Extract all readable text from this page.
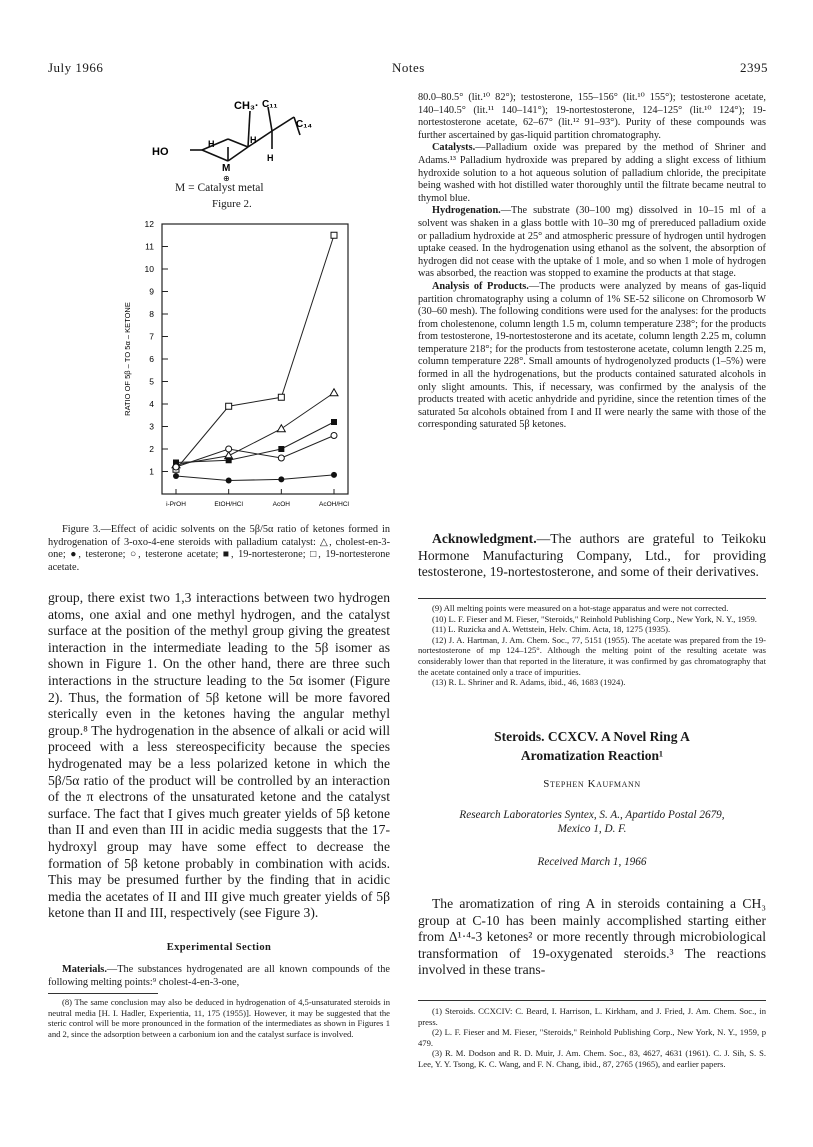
July 1966	Notes	2395
HO
CH₃· C₁₁
C₁₄
H	H
H
M
⊕
M = Catalyst metal
Figure 2.
1
2
3
4
5
6
7
8
9
10
11
12
RATIO OF 5β – TO 5α – KETONE
i-PrOH	EtOH/HCl	AcOH	AcOH/HCl

Figure 3.—Effect of acidic solvents on the 5β/5α ratio of ketones formed in hydrogenation of 3-oxo-4-ene steroids with palladium catalyst: △, cholest-en-3-one; ●, testerone; ○, testerone acetate; ■, 19-nortesterone; □, 19-nortesterone acetate.

group, there exist two 1,3 interactions between two hydrogen atoms, one axial and one methyl hydrogen, and the catalyst surface at the position of the methyl group giving the greatest interaction in the intermediate leading to the 5β isomer as shown in Figure 1. On the other hand, there are three such interactions in the structure leading to the 5α isomer (Figure 2). Thus, the formation of 5β ketone will be more favored sterically even in the ketones having the angular methyl group.⁸ The hydrogenation in the absence of alkali or acid will proceed with a less stereospecificity because the species hydrogenated may be a less polarized ketone in which the 5β/5α ratio of the product will be controlled by an interaction of the π electrons of the unsaturated ketone and the catalyst surface. The fact that I gives much greater yields of 5β ketone than II and even than III in acidic media suggests that the 17-hydroxyl group may have some effect to decrease the formation of 5β ketone probably in combination with acids. This may be presumed further by the finding that in acidic media the acetates of II and III give much greater yields of 5β ketone than II and III, respectively (see Figure 3).

Experimental Section

Materials.—The substances hydrogenated are all known compounds of the following melting points:⁹ cholest-4-en-3-one,

(8) The same conclusion may also be deduced in hydrogenation of 4,5-unsaturated steroids in neutral media [H. I. Hadler, Experientia, 11, 175 (1955)]. However, it may be suggested that the steric control will be more pronounced in the formation of the intermediates as shown in Figures 1 and 2, since the adsorption between a carbonium ion and the catalyst surface is involved.

80.0–80.5° (lit.¹⁰ 82°); testosterone, 155–156° (lit.¹⁰ 155°); testosterone acetate, 140–140.5° (lit.¹¹ 140–141°); 19-nortestosterone, 124–125° (lit.¹⁰ 124°); 19-nortestosterone acetate, 62–67° (lit.¹² 91–93°). Purity of these compounds was further ascertained by gas-liquid partition chromatography.

Catalysts.—Palladium oxide was prepared by the method of Shriner and Adams.¹³ Palladium hydroxide was prepared by adding a slight excess of lithium hydroxide solution to a hot aqueous solution of palladium chloride, the precipitate being washed with hot distilled water thoroughly until the filtrate became neutral to thymol blue.

Hydrogenation.—The substrate (30–100 mg) dissolved in 10–15 ml of a solvent was shaken in a glass bottle with 10–30 mg of prereduced palladium oxide or palladium hydroxide at 25° and atmospheric pressure of hydrogen until hydrogen uptake ceased. In the hydrogenation using ethanol as the solvent, the absorption of hydrogen did not cease with the uptake of 1 mole, and so when 1 mole of hydrogen was absorbed, the reaction was stopped to examine the products at that stage.

Analysis of Products.—The products were analyzed by means of gas-liquid partition chromatography using a column of 1% SE-52 silicone on Chromosorb W (30–60 mesh). The following conditions were used for the analyses: for the products from cholestenone, column length 1.5 m, column temperature 238°; for the products from testosterone, 19-nortestosterone and its acetate, column length 2.25 m, column temperature 218°; for the products from testosterone acetate, column length 2.25 m, column temperature 228°. Small amounts of hydrogenolyzed products (1–5%) were formed in all the hydrogenations, but the products contained saturated alcohols in only slight amounts. This, if necessary, was confirmed by the analysis of the products treated with acetic anhydride and pyridine, since the retention times of the saturated 5α alcohols obtained from I and II were nearly the same with those of the corresponding saturated 5β ketones.

Acknowledgment.—The authors are grateful to Teikoku Hormone Manufacturing Company, Ltd., for providing testosterone, 19-nortestosterone, and some of their derivatives.

(9) All melting points were measured on a hot-stage apparatus and were not corrected.

(10) L. F. Fieser and M. Fieser, "Steroids," Reinhold Publishing Corp., New York, N. Y., 1959.

(11) L. Ruzicka and A. Wettstein, Helv. Chim. Acta, 18, 1275 (1935).

(12) J. A. Hartman, J. Am. Chem. Soc., 77, 5151 (1955). The acetate was prepared from the 19-nortestosterone of mp 124–125°. Although the melting point of the resulting acetate was considerably lower than that reported in the literature, it was confirmed by gas chromatography that the acetate contained only a trace of impurities.

(13) R. L. Shriner and R. Adams, ibid., 46, 1683 (1924).

Steroids. CCXCV. A Novel Ring A
Aromatization Reaction¹
Stephen Kaufmann
Research Laboratories Syntex, S. A., Apartido Postal 2679,
Mexico 1, D. F.
Received March 1, 1966

The aromatization of ring A in steroids containing a CH₃ group at C-10 has been mainly accomplished starting either from Δ¹·⁴-3 ketones² or more recently through microbiological transformation of 19-oxygenated steroids.³ The reactions involved in these trans-

(1) Steroids. CCXCIV: C. Beard, I. Harrison, L. Kirkham, and J. Fried, J. Am. Chem. Soc., in press.

(2) L. F. Fieser and M. Fieser, "Steroids," Reinhold Publishing Corp., New York, N. Y., 1959, p 479.

(3) R. M. Dodson and R. D. Muir, J. Am. Chem. Soc., 83, 4627, 4631 (1961). C. J. Sih, S. S. Lee, Y. Y. Tsong, K. C. Wang, and F. N. Chang, ibid., 87, 2765 (1965), and earlier papers.
